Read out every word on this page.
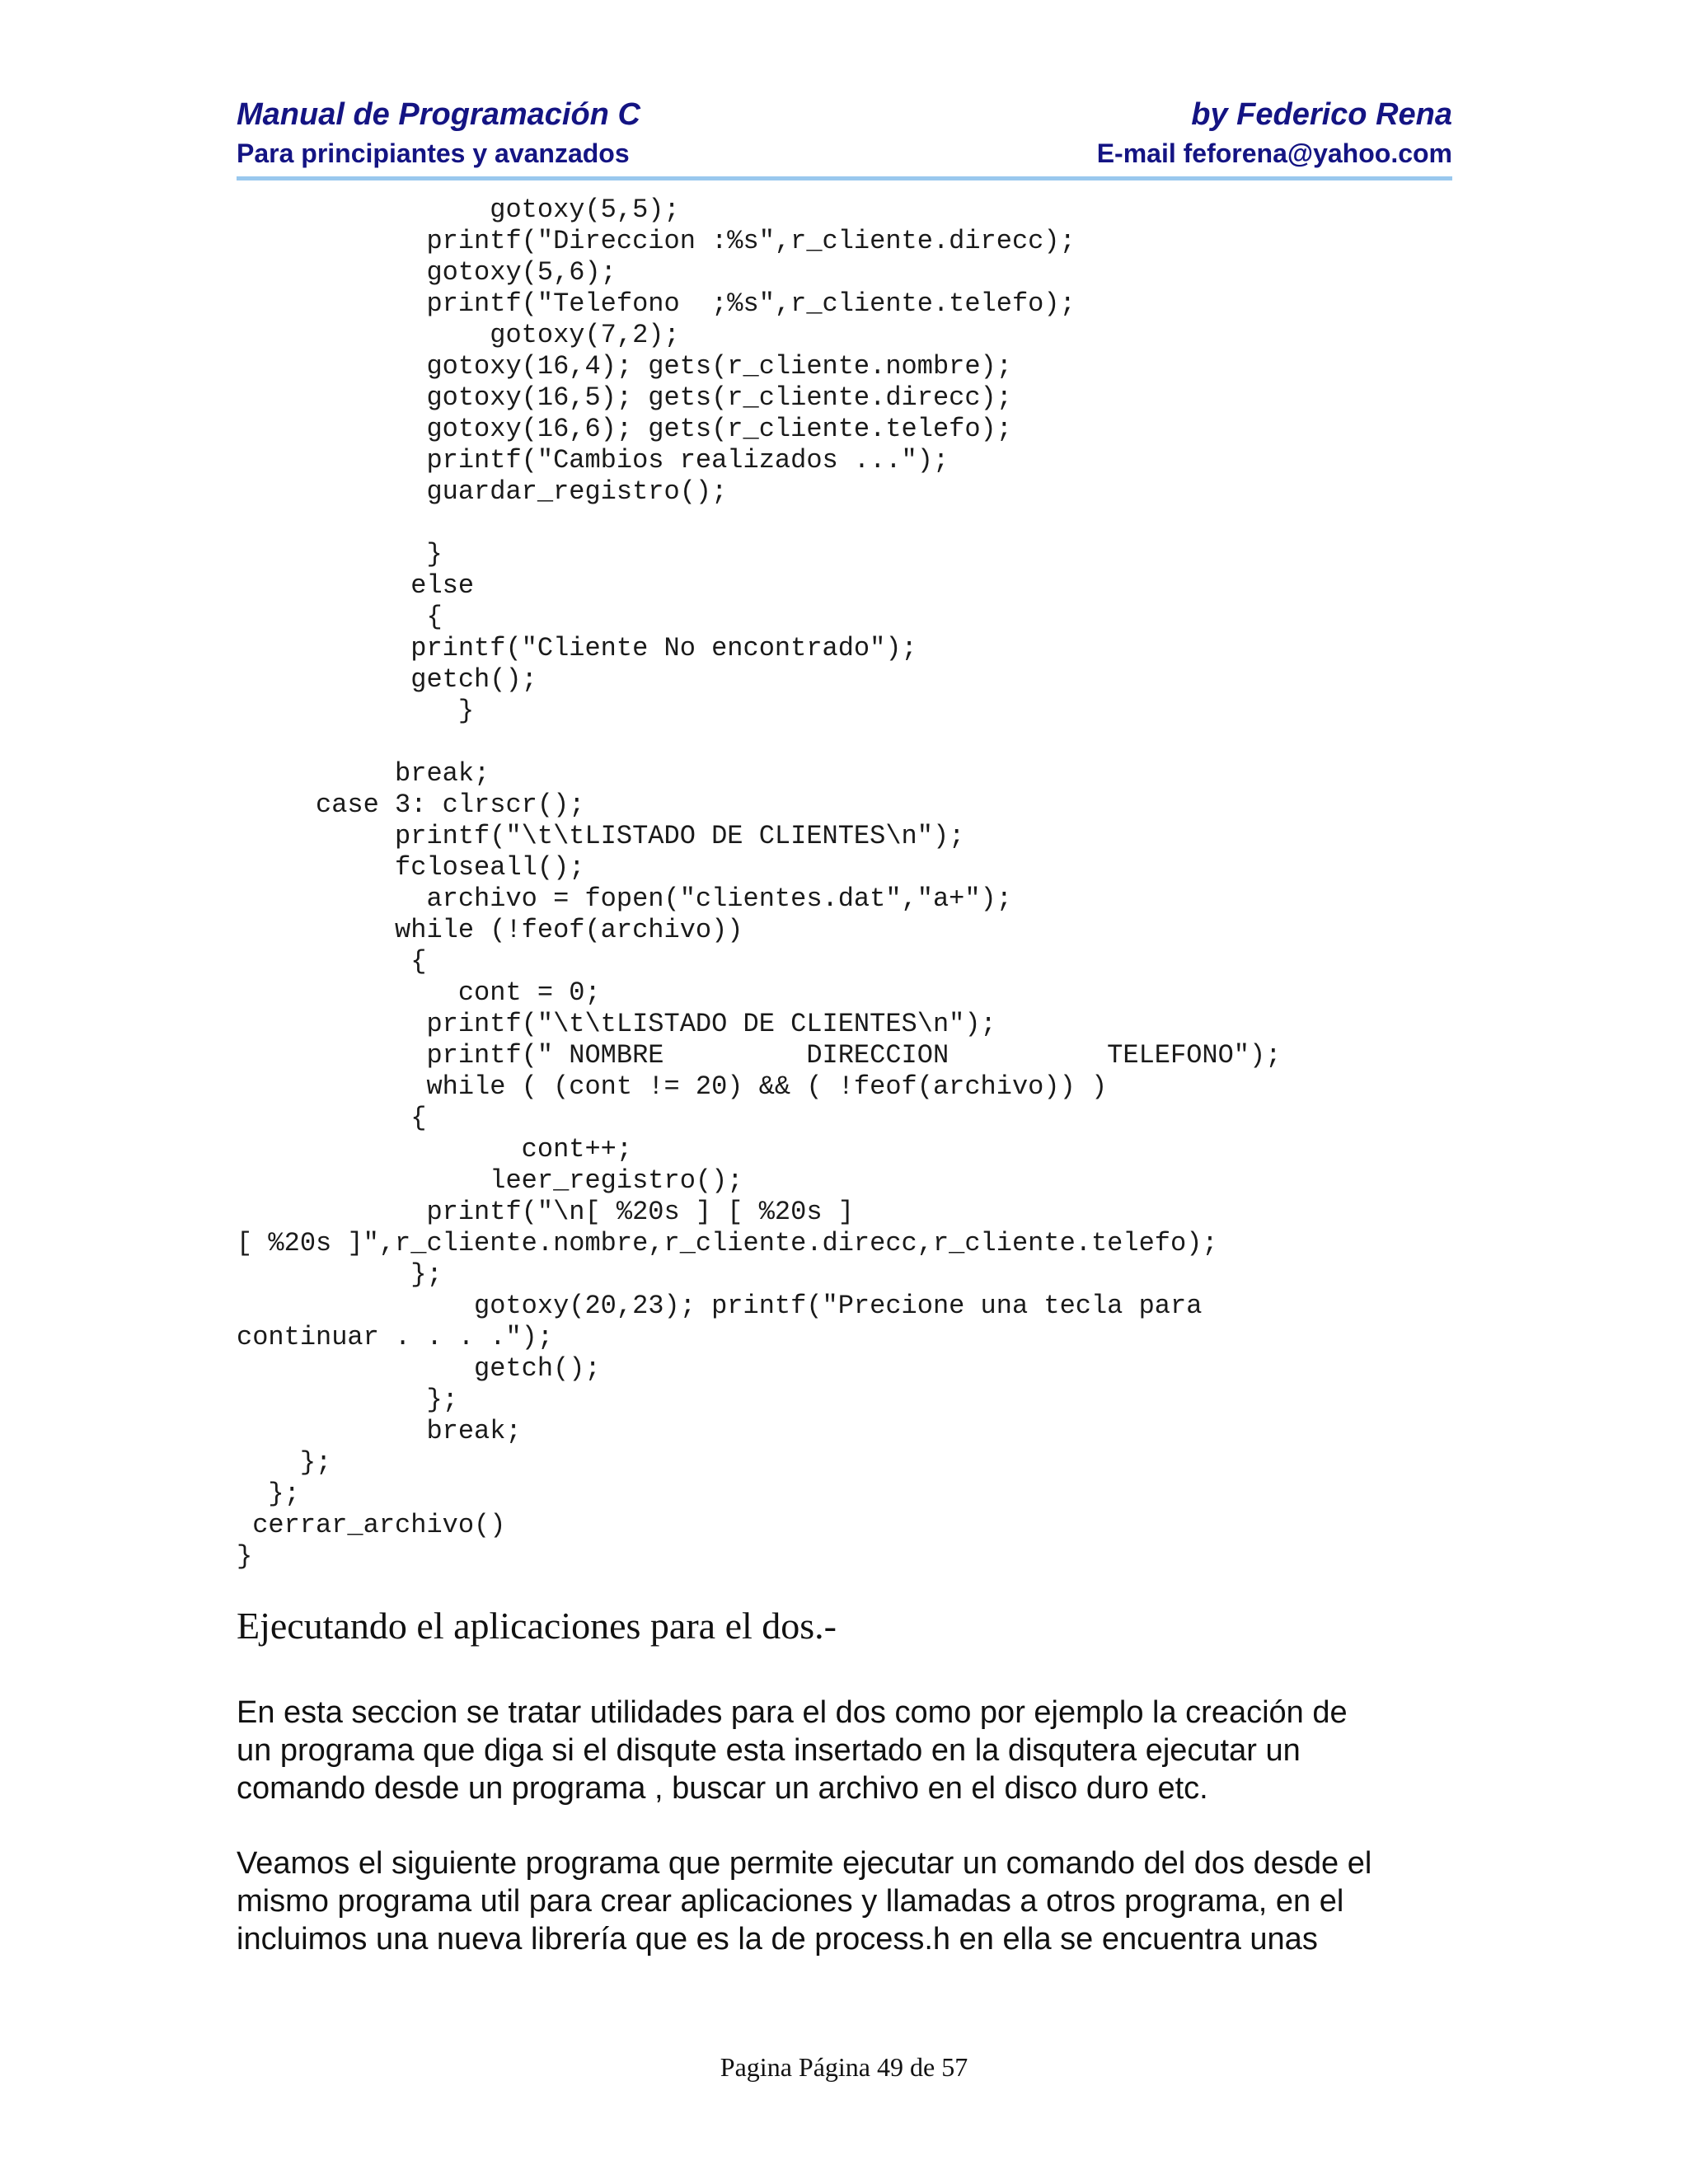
Manual de Programación C
Para principiantes y avanzados
by Federico Rena
E-mail feforena@yahoo.com
gotoxy(5,5);
printf("Direccion :%s",r_cliente.direcc);
gotoxy(5,6);
printf("Telefono  ;%s",r_cliente.telefo);
gotoxy(7,2);
gotoxy(16,4); gets(r_cliente.nombre);
gotoxy(16,5); gets(r_cliente.direcc);
gotoxy(16,6); gets(r_cliente.telefo);
printf("Cambios realizados ...");
guardar_registro();

}
else
{
printf("Cliente No encontrado");
getch();
}

break;
case 3: clrscr();
printf("\t\tLISTADO DE CLIENTES\n");
fcloseall();
archivo = fopen("clientes.dat","a+");
while (!feof(archivo))
{
cont = 0;
printf("\t\tLISTADO DE CLIENTES\n");
printf(" NOMBRE         DIRECCION          TELEFONO");
while ( (cont != 20) && ( !feof(archivo)) )
{
cont++;
leer_registro();
printf("\n[ %20s ] [ %20s ]
[ %20s ]",r_cliente.nombre,r_cliente.direcc,r_cliente.telefo);
};
gotoxy(20,23); printf("Precione una tecla para
continuar . . . .");
getch();
};
break;
};
};
cerrar_archivo()
}
Ejecutando el aplicaciones para el dos.-
En esta seccion se tratar utilidades para el dos como por ejemplo la creación de
un programa que diga si el disqute esta insertado en la disqutera ejecutar un
comando desde un programa , buscar un archivo en el disco duro etc.
Veamos el siguiente programa que permite ejecutar un comando del dos desde el
mismo programa util para crear aplicaciones y llamadas a otros programa, en el
incluimos una nueva librería que es la de process.h en ella se encuentra unas
Pagina Página 49 de 57
